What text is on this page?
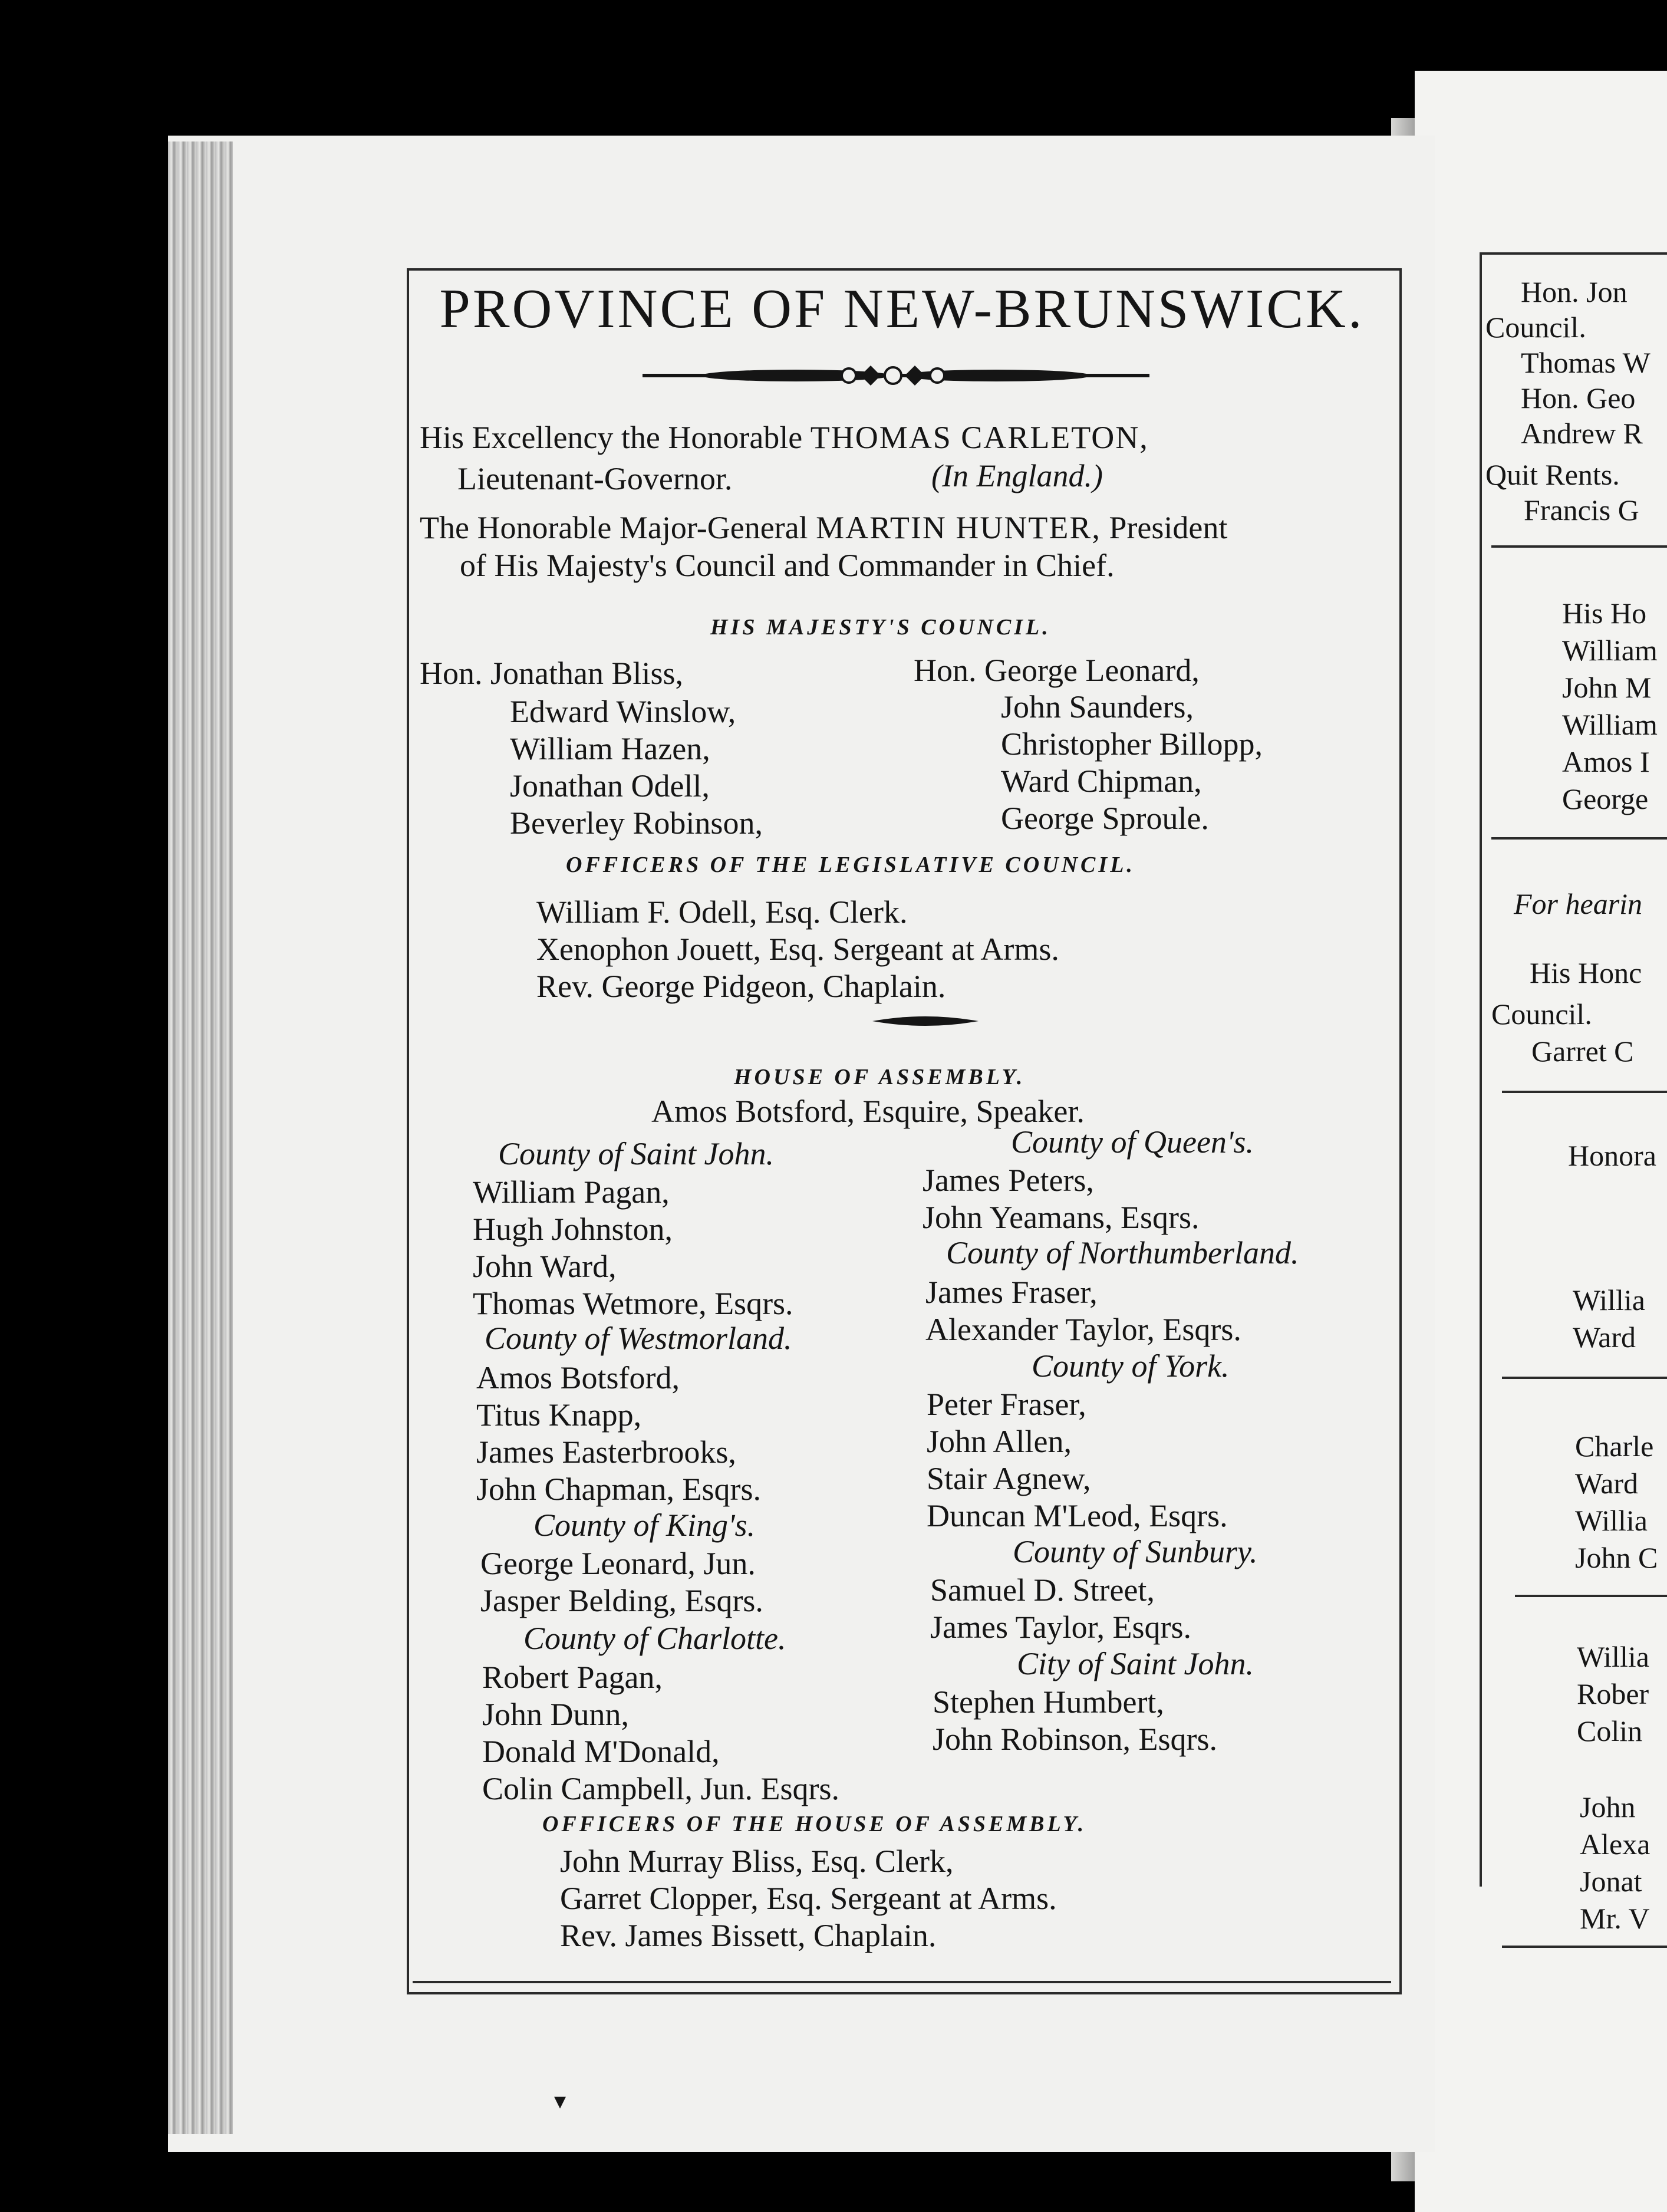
PROVINCE OF NEW-BRUNSWICK.
His Excellency the Honorable THOMAS CARLETON,
Lieutenant-Governor.	(In England.)
The Honorable Major-General MARTIN HUNTER, President
of His Majesty's Council and Commander in Chief.
HIS MAJESTY'S COUNCIL.
Hon. Jonathan Bliss,
Edward Winslow,
William Hazen,
Jonathan Odell,
Beverley Robinson,
Hon. George Leonard,
John Saunders,
Christopher Billopp,
Ward Chipman,
George Sproule.
OFFICERS OF THE LEGISLATIVE COUNCIL.
William F. Odell, Esq. Clerk.
Xenophon Jouett, Esq. Sergeant at Arms.
Rev. George Pidgeon, Chaplain.
HOUSE OF ASSEMBLY.
Amos Botsford, Esquire, Speaker.
County of Saint John.
William Pagan,
Hugh Johnston,
John Ward,
Thomas Wetmore, Esqrs.
County of Westmorland.
Amos Botsford,
Titus Knapp,
James Easterbrooks,
John Chapman, Esqrs.
County of King's.
George Leonard, Jun.
Jasper Belding, Esqrs.
County of Charlotte.
Robert Pagan,
John Dunn,
Donald M'Donald,
Colin Campbell, Jun. Esqrs.
County of Queen's.
James Peters,
John Yeamans, Esqrs.
County of Northumberland.
James Fraser,
Alexander Taylor, Esqrs.
County of York.
Peter Fraser,
John Allen,
Stair Agnew,
Duncan M'Leod, Esqrs.
County of Sunbury.
Samuel D. Street,
James Taylor, Esqrs.
City of Saint John.
Stephen Humbert,
John Robinson, Esqrs.
OFFICERS OF THE HOUSE OF ASSEMBLY.
John Murray Bliss, Esq. Clerk,
Garret Clopper, Esq. Sergeant at Arms.
Rev. James Bissett, Chaplain.
▾
Hon. Jon
Council.
Thomas W
Hon. Geo
Andrew R
Quit Rents.
Francis G
His Ho
William
John M
William
Amos I
George
For hearin
His Honc
Council.
Garret C
Honora
Willia
Ward
Charle
Ward
Willia
John C
Willia
Rober
Colin
John
Alexa
Jonat
Mr. V
